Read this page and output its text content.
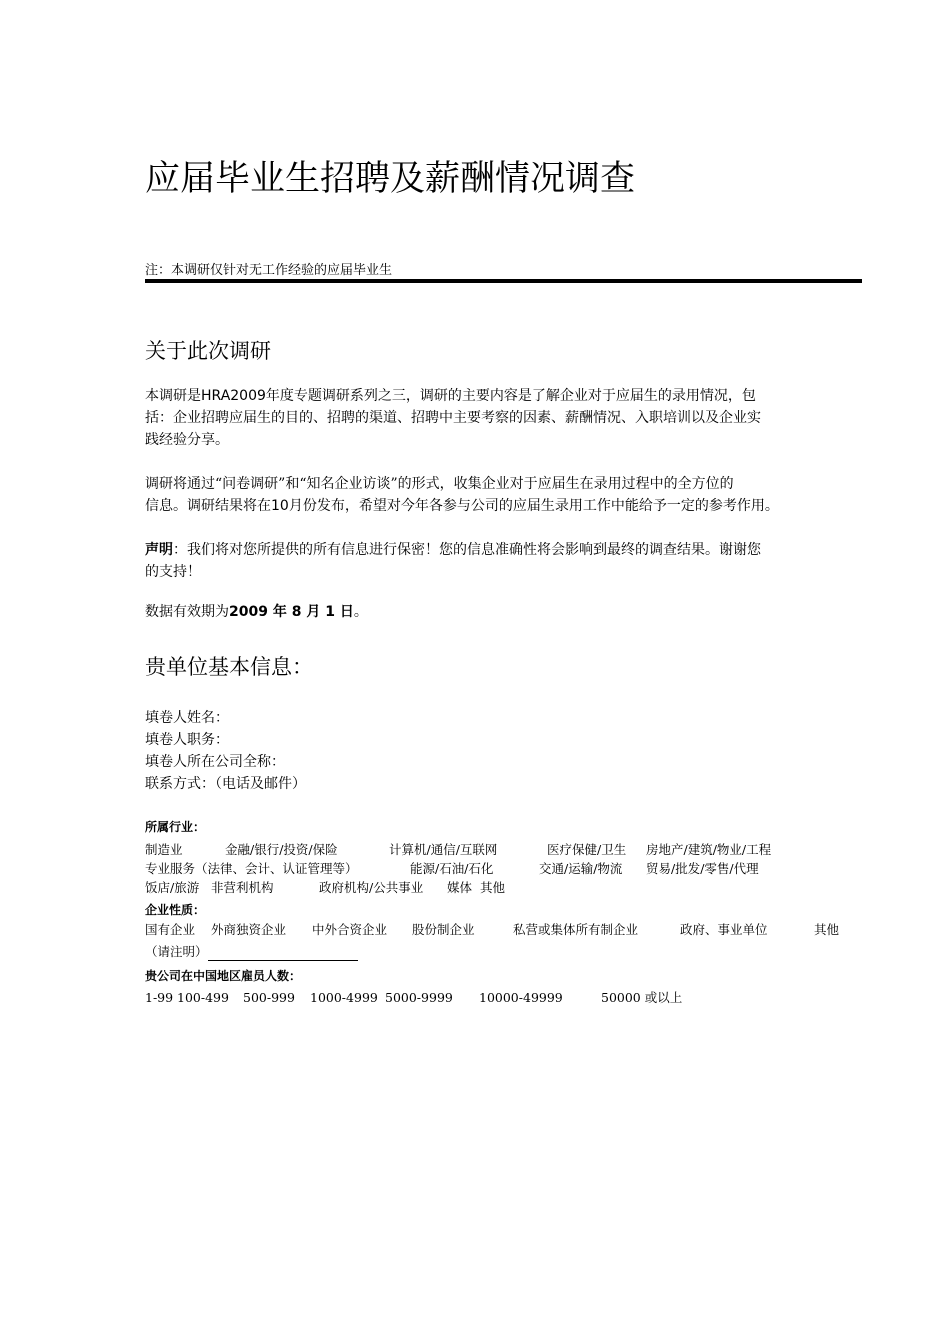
应届毕业生招聘及薪酬情况调查
注：本调研仅针对无工作经验的应届毕业生
关于此次调研
本调研是HRA2009年度专题调研系列之三，调研的主要内容是了解企业对于应届生的录用情况，包
括：企业招聘应届生的目的、招聘的渠道、招聘中主要考察的因素、薪酬情况、入职培训以及企业实
践经验分享。
调研将通过“问卷调研”和“知名企业访谈”的形式，收集企业对于应届生在录用过程中的全方位的
信息。调研结果将在10月份发布，希望对今年各参与公司的应届生录用工作中能给予一定的参考作用。
声明：我们将对您所提供的所有信息进行保密！您的信息准确性将会影响到最终的调查结果。谢谢您
的支持！
数据有效期为2009 年 8 月 1 日。
贵单位基本信息：
填卷人姓名：
填卷人职务：
填卷人所在公司全称：
联系方式：（电话及邮件）
所属行业：
制造业	金融/银行/投资/保险	计算机/通信/互联网	医疗保健/卫生 房地产/建筑/物业/工程
专业服务（法律、会计、认证管理等）	能源/石油/石化	交通/运输/物流 贸易/批发/零售/代理
饭店/旅游 非营利机构	政府机构/公共事业 媒体 其他
企业性质：
国有企业 外商独资企业 中外合资企业 股份制企业	私营或集体所有制企业	政府、事业单位	其他
（请注明）
贵公司在中国地区雇员人数：
1-99 100-499 500-999 1000-4999 5000-9999 10000-49999	50000 或以上
